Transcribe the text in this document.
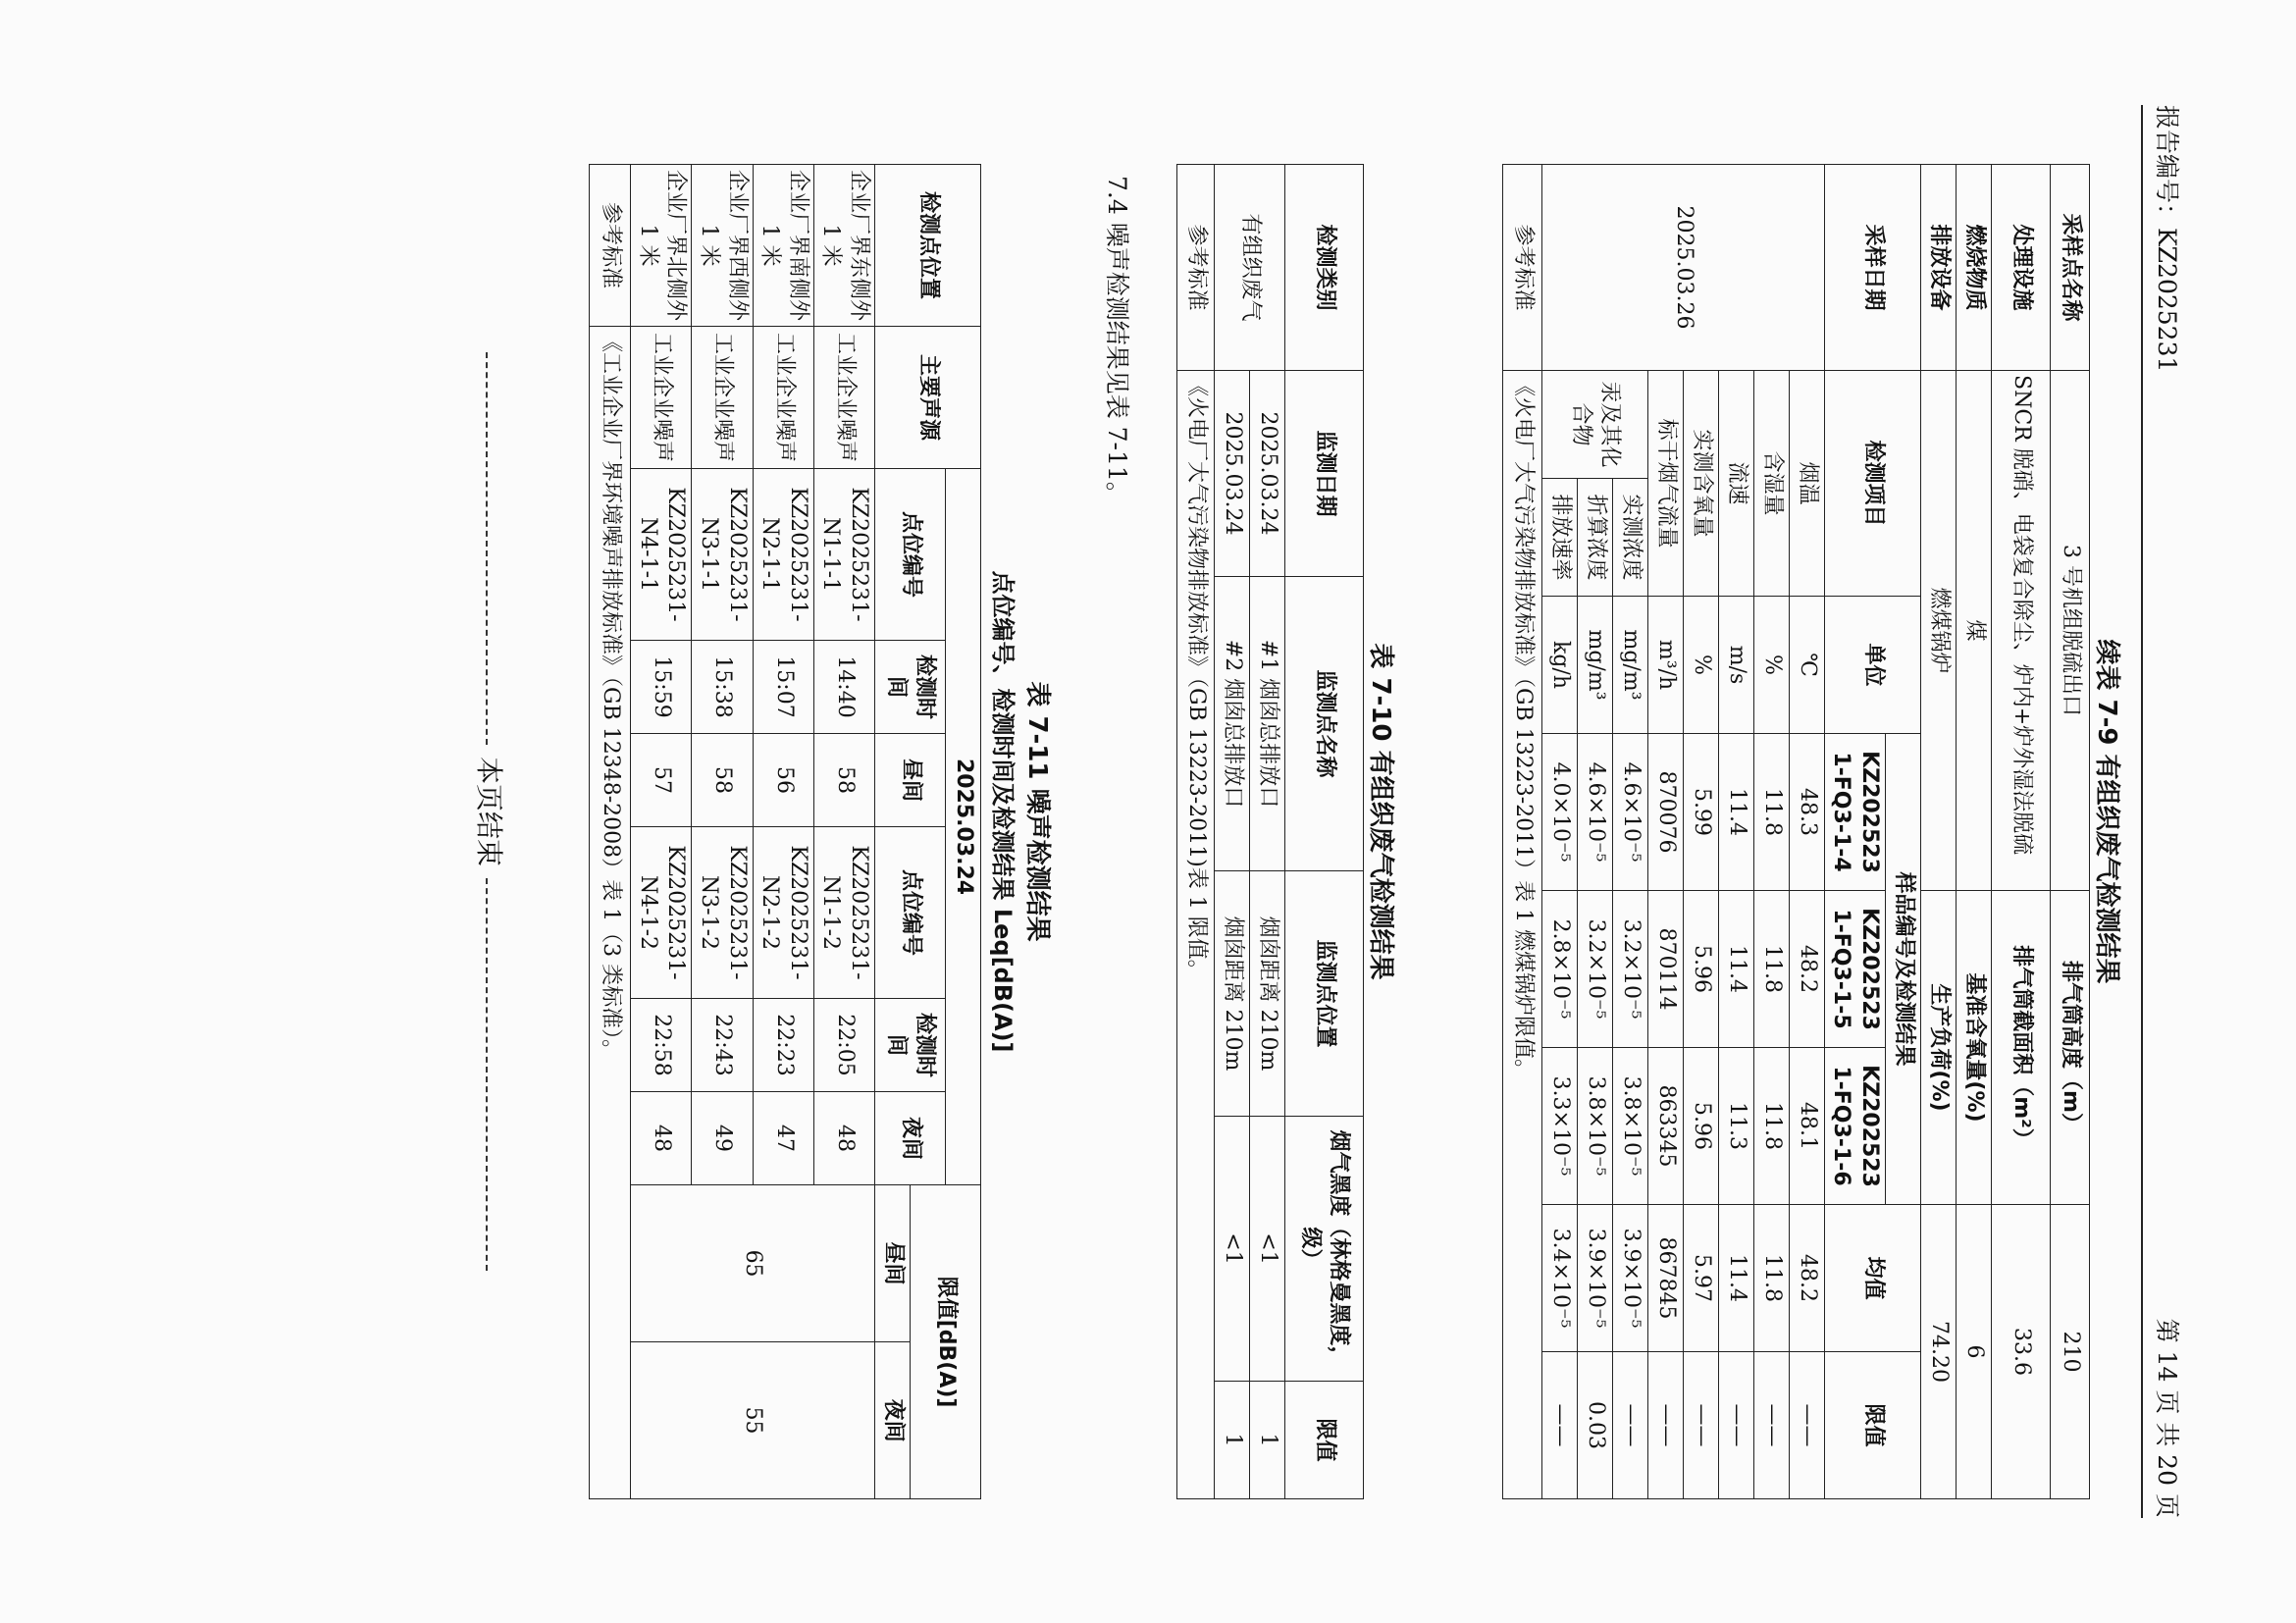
报告编号：KZ2025231
第 14 页 共 20 页
续表 7-9 有组织废气检测结果
采样点名称	3 号机组脱硫出口				排气筒高度（m）		210	
处理设施	SNCR 脱硝、电袋复合除尘、炉内+炉外湿法脱硫				排气筒截面积（m²）		33.6	
燃烧物质	煤				基准含氧量(%)		6	
排放设备	燃煤锅炉				生产负荷(%)		74.20	
采样日期	检测项目		单位	样品编号及检测结果			均值	限值
				KZ202523 1-FQ3-1-4	KZ202523 1-FQ3-1-5	KZ202523 1-FQ3-1-6		
2025.03.26	烟温		℃	48.3	48.2	48.1	48.2	——
	含湿量		%	11.8	11.8	11.8	11.8	——
	流速		m/s	11.4	11.4	11.3	11.4	——
	实测含氧量		%	5.99	5.96	5.96	5.97	——
	标干烟气流量		m³/h	870076	870114	863345	867845	——
	汞及其化合物	实测浓度	mg/m³	4.6×10⁻⁵	3.2×10⁻⁵	3.8×10⁻⁵	3.9×10⁻⁵	——
		折算浓度	mg/m³	4.6×10⁻⁵	3.2×10⁻⁵	3.8×10⁻⁵	3.9×10⁻⁵	0.03
		排放速率	kg/h	4.0×10⁻⁵	2.8×10⁻⁵	3.3×10⁻⁵	3.4×10⁻⁵	——
参考标准	《火电厂大气污染物排放标准》（GB 13223-2011）表 1 燃煤锅炉限值。							
表 7-10 有组织废气检测结果
检测类别	监测日期	监测点名称	监测点位置	烟气黑度（林格曼黑度，级）	限值
有组织废气	2025.03.24	#1 烟囱总排放口	烟囱距离 210m	<1	1
	2025.03.24	#2 烟囱总排放口	烟囱距离 210m	<1	1
参考标准	《火电厂大气污染物排放标准》（GB 13223-2011)表 1 限值。				
7.4 噪声检测结果见表 7-11。
表 7-11 噪声检测结果
点位编号、检测时间及检测结果 Leq[dB(A)]
检测点位置	主要声源	2025.03.24						限值[dB(A)]	
		点位编号	检测时间	昼间	点位编号	检测时间	夜间		
								昼间	夜间
企业厂界东侧外 1 米	工业企业噪声	KZ2025231-N1-1-1	14:40	58	KZ2025231-N1-1-2	22:05	48	65	55
企业厂界南侧外 1 米	工业企业噪声	KZ2025231-N2-1-1	15:07	56	KZ2025231-N2-1-2	22:23	47		
企业厂界西侧外 1 米	工业企业噪声	KZ2025231-N3-1-1	15:38	58	KZ2025231-N3-1-2	22:43	49		
企业厂界北侧外 1 米	工业企业噪声	KZ2025231-N4-1-1	15:59	57	KZ2025231-N4-1-2	22:58	48		
参考标准	《工业企业厂界环境噪声排放标准》（GB 12348-2008）表 1（3 类标准）。								
本页结束
